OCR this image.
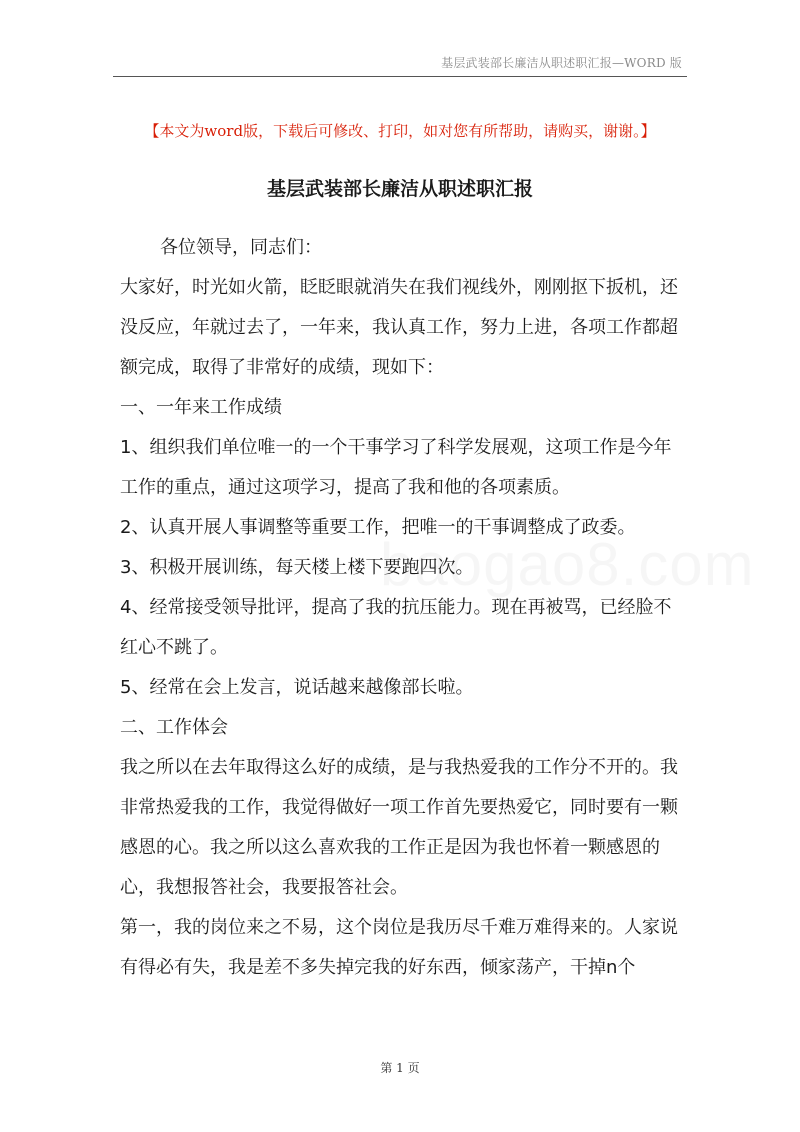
基层武装部长廉洁从职述职汇报—WORD 版
【本文为word版，下载后可修改、打印，如对您有所帮助，请购买，谢谢。】
基层武装部长廉洁从职述职汇报

各位领导，同志们：

大家好，时光如火箭，眨眨眼就消失在我们视线外，刚刚抠下扳机，还没反应，年就过去了，一年来，我认真工作，努力上进，各项工作都超额完成，取得了非常好的成绩，现如下：

一、一年来工作成绩

1、组织我们单位唯一的一个干事学习了科学发展观，这项工作是今年工作的重点，通过这项学习，提高了我和他的各项素质。

2、认真开展人事调整等重要工作，把唯一的干事调整成了政委。

3、积极开展训练，每天楼上楼下要跑四次。

4、经常接受领导批评，提高了我的抗压能力。现在再被骂，已经脸不红心不跳了。

5、经常在会上发言，说话越来越像部长啦。

二、工作体会

我之所以在去年取得这么好的成绩，是与我热爱我的工作分不开的。我非常热爱我的工作，我觉得做好一项工作首先要热爱它，同时要有一颗感恩的心。我之所以这么喜欢我的工作正是因为我也怀着一颗感恩的心，我想报答社会，我要报答社会。

第一，我的岗位来之不易，这个岗位是我历尽千难万难得来的。人家说有得必有失，我是差不多失掉完我的好东西，倾家荡产，干掉n个

第 1 页
